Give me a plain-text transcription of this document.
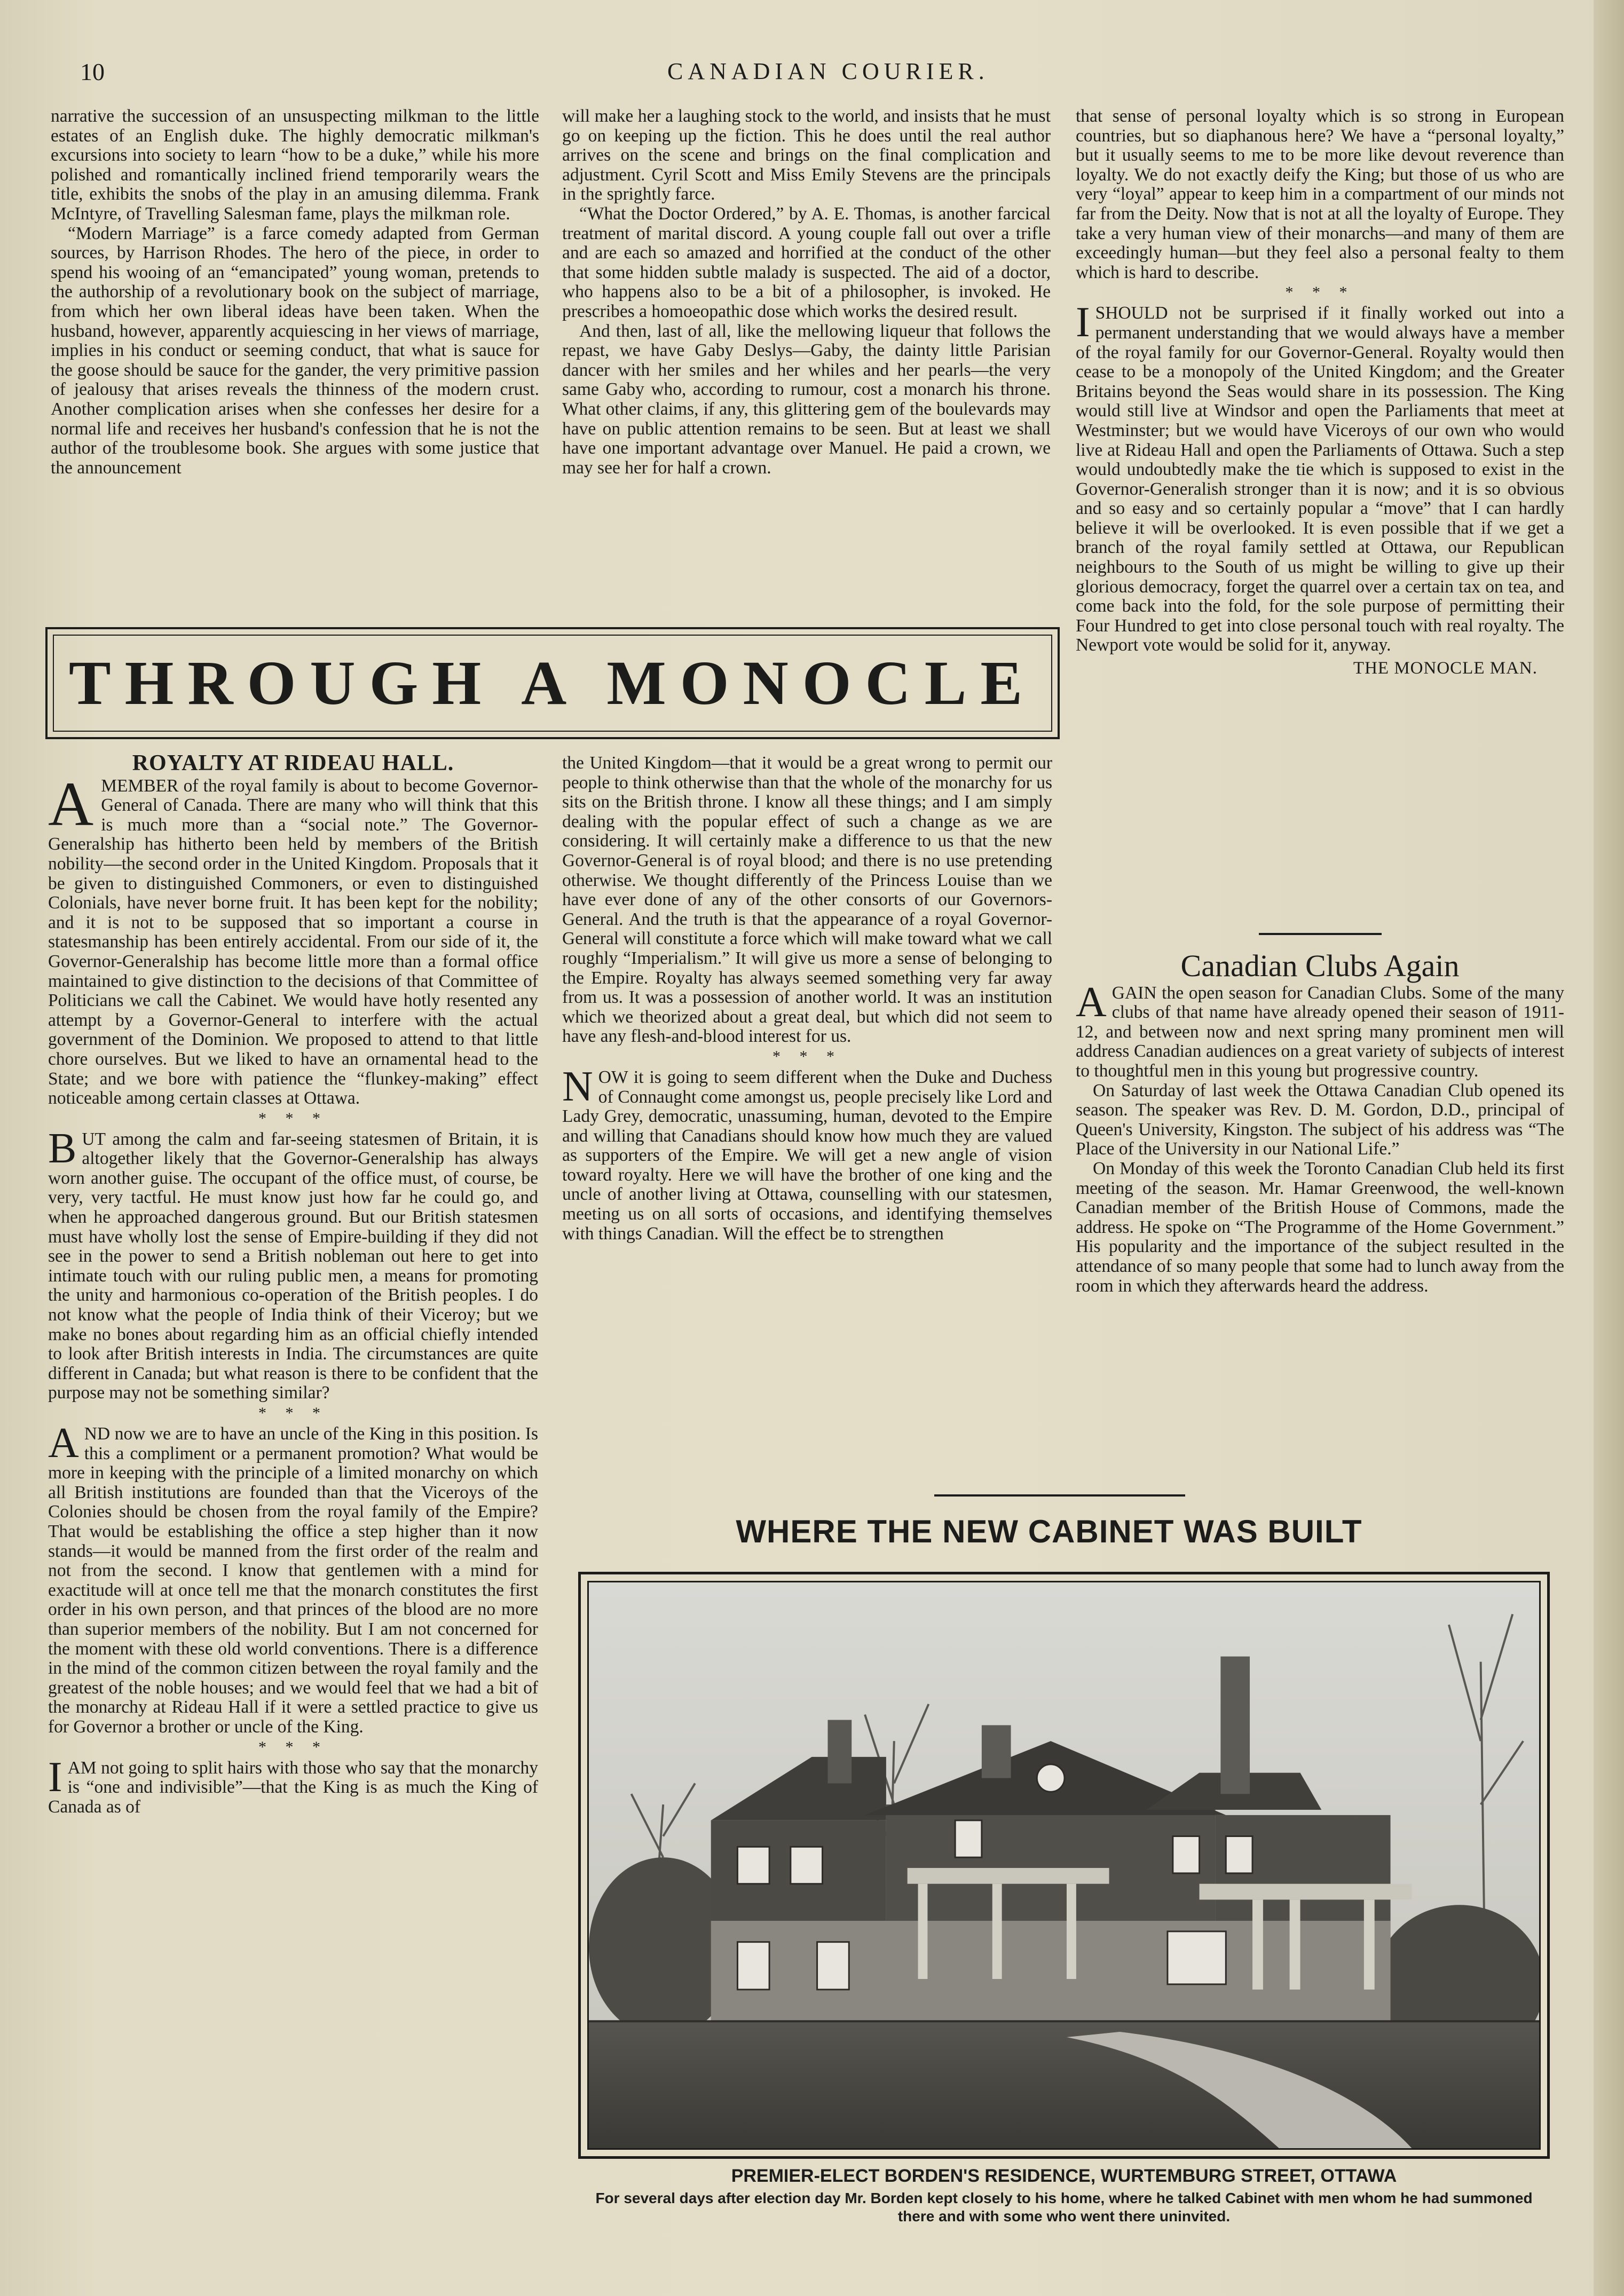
10	CANADIAN COURIER.

narrative the succession of an unsuspecting milkman to the little estates of an English duke. The highly democratic milkman's excursions into society to learn “how to be a duke,” while his more polished and romantically inclined friend temporarily wears the title, exhibits the snobs of the play in an amusing dilemma. Frank McIntyre, of Travelling Salesman fame, plays the milkman role.

“Modern Marriage” is a farce comedy adapted from German sources, by Harrison Rhodes. The hero of the piece, in order to spend his wooing of an “emancipated” young woman, pretends to the authorship of a revolutionary book on the subject of marriage, from which her own liberal ideas have been taken. When the husband, however, apparently acquiescing in her views of marriage, implies in his conduct or seeming conduct, that what is sauce for the goose should be sauce for the gander, the very primitive passion of jealousy that arises reveals the thinness of the modern crust. Another complication arises when she confesses her desire for a normal life and receives her husband's confession that he is not the author of the troublesome book. She argues with some justice that the announcement

will make her a laughing stock to the world, and insists that he must go on keeping up the fiction. This he does until the real author arrives on the scene and brings on the final complication and adjustment. Cyril Scott and Miss Emily Stevens are the principals in the sprightly farce.

“What the Doctor Ordered,” by A. E. Thomas, is another farcical treatment of marital discord. A young couple fall out over a trifle and are each so amazed and horrified at the conduct of the other that some hidden subtle malady is suspected. The aid of a doctor, who happens also to be a bit of a philosopher, is invoked. He prescribes a homoeopathic dose which works the desired result.

And then, last of all, like the mellowing liqueur that follows the repast, we have Gaby Deslys—Gaby, the dainty little Parisian dancer with her smiles and her whiles and her pearls—the very same Gaby who, according to rumour, cost a monarch his throne. What other claims, if any, this glittering gem of the boulevards may have on public attention remains to be seen. But at least we shall have one important advantage over Manuel. He paid a crown, we may see her for half a crown.

THROUGH A MONOCLE
ROYALTY AT RIDEAU HALL.

AMEMBER of the royal family is about to become Governor-General of Canada. There are many who will think that this is much more than a “social note.” The Governor-Generalship has hitherto been held by members of the British nobility—the second order in the United Kingdom. Proposals that it be given to distinguished Commoners, or even to distinguished Colonials, have never borne fruit. It has been kept for the nobility; and it is not to be supposed that so important a course in statesmanship has been entirely accidental. From our side of it, the Governor-Generalship has become little more than a formal office maintained to give distinction to the decisions of that Committee of Politicians we call the Cabinet. We would have hotly resented any attempt by a Governor-General to interfere with the actual government of the Dominion. We proposed to attend to that little chore ourselves. But we liked to have an ornamental head to the State; and we bore with patience the “flunkey-making” effect noticeable among certain classes at Ottawa.

* * *

BUT among the calm and far-seeing statesmen of Britain, it is altogether likely that the Governor-Generalship has always worn another guise. The occupant of the office must, of course, be very, very tactful. He must know just how far he could go, and when he approached dangerous ground. But our British statesmen must have wholly lost the sense of Empire-building if they did not see in the power to send a British nobleman out here to get into intimate touch with our ruling public men, a means for promoting the unity and harmonious co-operation of the British peoples. I do not know what the people of India think of their Viceroy; but we make no bones about regarding him as an official chiefly intended to look after British interests in India. The circumstances are quite different in Canada; but what reason is there to be confident that the purpose may not be something similar?

* * *

AND now we are to have an uncle of the King in this position. Is this a compliment or a permanent promotion? What would be more in keeping with the principle of a limited monarchy on which all British institutions are founded than that the Viceroys of the Colonies should be chosen from the royal family of the Empire? That would be establishing the office a step higher than it now stands—it would be manned from the first order of the realm and not from the second. I know that gentlemen with a mind for exactitude will at once tell me that the monarch constitutes the first order in his own person, and that princes of the blood are no more than superior members of the nobility. But I am not concerned for the moment with these old world conventions. There is a difference in the mind of the common citizen between the royal family and the greatest of the noble houses; and we would feel that we had a bit of the monarchy at Rideau Hall if it were a settled practice to give us for Governor a brother or uncle of the King.

* * *

IAM not going to split hairs with those who say that the monarchy is “one and indivisible”—that the King is as much the King of Canada as of

the United Kingdom—that it would be a great wrong to permit our people to think otherwise than that the whole of the monarchy for us sits on the British throne. I know all these things; and I am simply dealing with the popular effect of such a change as we are considering. It will certainly make a difference to us that the new Governor-General is of royal blood; and there is no use pretending otherwise. We thought differently of the Princess Louise than we have ever done of any of the other consorts of our Governors-General. And the truth is that the appearance of a royal Governor-General will constitute a force which will make toward what we call roughly “Imperialism.” It will give us more a sense of belonging to the Empire. Royalty has always seemed something very far away from us. It was a possession of another world. It was an institution which we theorized about a great deal, but which did not seem to have any flesh-and-blood interest for us.

* * *

NOW it is going to seem different when the Duke and Duchess of Connaught come amongst us, people precisely like Lord and Lady Grey, democratic, unassuming, human, devoted to the Empire and willing that Canadians should know how much they are valued as supporters of the Empire. We will get a new angle of vision toward royalty. Here we will have the brother of one king and the uncle of another living at Ottawa, counselling with our statesmen, meeting us on all sorts of occasions, and identifying themselves with things Canadian. Will the effect be to strengthen

that sense of personal loyalty which is so strong in European countries, but so diaphanous here? We have a “personal loyalty,” but it usually seems to me to be more like devout reverence than loyalty. We do not exactly deify the King; but those of us who are very “loyal” appear to keep him in a compartment of our minds not far from the Deity. Now that is not at all the loyalty of Europe. They take a very human view of their monarchs—and many of them are exceedingly human—but they feel also a personal fealty to them which is hard to describe.

* * *

ISHOULD not be surprised if it finally worked out into a permanent understanding that we would always have a member of the royal family for our Governor-General. Royalty would then cease to be a monopoly of the United Kingdom; and the Greater Britains beyond the Seas would share in its possession. The King would still live at Windsor and open the Parliaments that meet at Westminster; but we would have Viceroys of our own who would live at Rideau Hall and open the Parliaments of Ottawa. Such a step would undoubtedly make the tie which is supposed to exist in the Governor-Generalish stronger than it is now; and it is so obvious and so easy and so certainly popular a “move” that I can hardly believe it will be overlooked. It is even possible that if we get a branch of the royal family settled at Ottawa, our Republican neighbours to the South of us might be willing to give up their glorious democracy, forget the quarrel over a certain tax on tea, and come back into the fold, for the sole purpose of permitting their Four Hundred to get into close personal touch with real royalty. The Newport vote would be solid for it, anyway.

THE MONOCLE MAN.
Canadian Clubs Again

AGAIN the open season for Canadian Clubs. Some of the many clubs of that name have already opened their season of 1911-12, and between now and next spring many prominent men will address Canadian audiences on a great variety of subjects of interest to thoughtful men in this young but progressive country.

On Saturday of last week the Ottawa Canadian Club opened its season. The speaker was Rev. D. M. Gordon, D.D., principal of Queen's University, Kingston. The subject of his address was “The Place of the University in our National Life.”

On Monday of this week the Toronto Canadian Club held its first meeting of the season. Mr. Hamar Greenwood, the well-known Canadian member of the British House of Commons, made the address. He spoke on “The Programme of the Home Government.” His popularity and the importance of the subject resulted in the attendance of so many people that some had to lunch away from the room in which they afterwards heard the address.

WHERE THE NEW CABINET WAS BUILT
PREMIER-ELECT BORDEN'S RESIDENCE, WURTEMBURG STREET, OTTAWA
For several days after election day Mr. Borden kept closely to his home, where he talked Cabinet with men whom he had summoned there and with some who went there uninvited.
